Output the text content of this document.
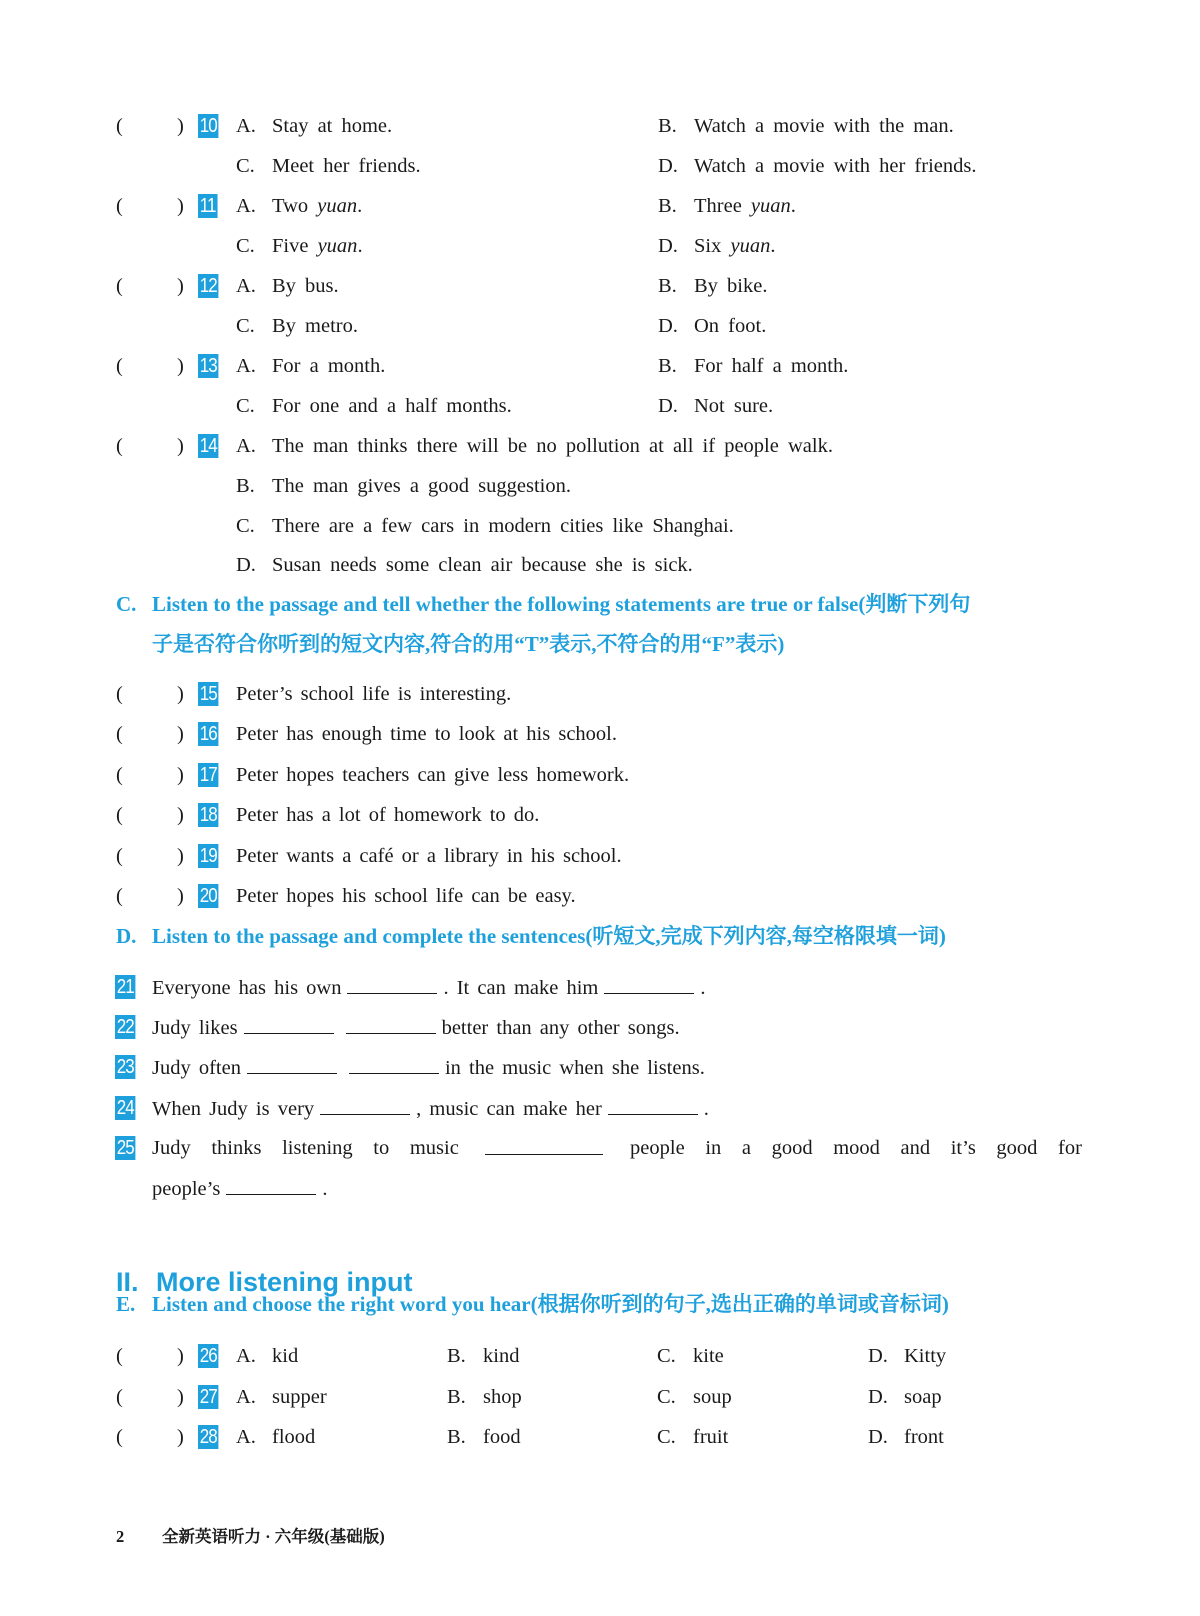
(	) 10 A. Stay at home.	B. Watch a movie with the man.
C. Meet her friends.	D. Watch a movie with her friends.
(	) 11 A. Two yuan.	B. Three yuan.
C. Five yuan.	D. Six yuan.
(	) 12 A. By bus.	B. By bike.
C. By metro.	D. On foot.
(	) 13 A. For a month.	B. For half a month.
C. For one and a half months.	D. Not sure.
(	) 14 A. The man thinks there will be no pollution at all if people walk.
B. The man gives a good suggestion.
C. There are a few cars in modern cities like Shanghai.
D. Susan needs some clean air because she is sick.
C. Listen to the passage and tell whether the following statements are true or false(判断下列句
子是否符合你听到的短文内容,符合的用“T”表示,不符合的用“F”表示)
(	) 15 Peter’s school life is interesting.
(	) 16 Peter has enough time to look at his school.
(	) 17 Peter hopes teachers can give less homework.
(	) 18 Peter has a lot of homework to do.
(	) 19 Peter wants a café or a library in his school.
(	) 20 Peter hopes his school life can be easy.
D. Listen to the passage and complete the sentences(听短文,完成下列内容,每空格限填一词)
21 Everyone has his own	. It can make him	.
22 Judy likes	better than any other songs.
23 Judy often	in the music when she listens.
24 When Judy is very	, music can make her	.
25 Judy thinks listening to music	people in a good mood and it’s good for
people’s	.
II. More listening input
E. Listen and choose the right word you hear(根据你听到的句子,选出正确的单词或音标词)
(	) 26 A. kid	B. kind	C. kite	D. Kitty
(	) 27 A. supper	B. shop	C. soup	D. soap
(	) 28 A. flood	B. food	C. fruit	D. front
2 全新英语听力 · 六年级(基础版)
